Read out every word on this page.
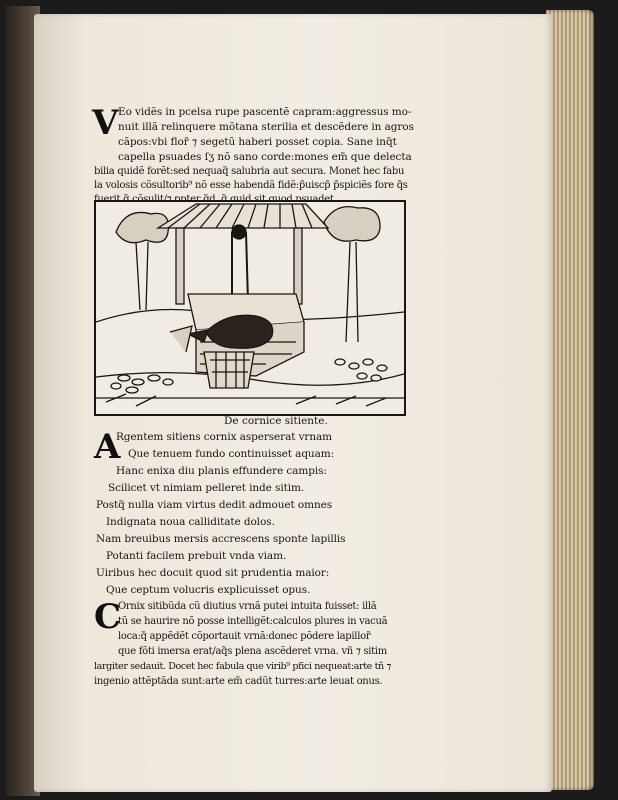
V Eo vidẽs in pcelsa rupe pascentẽ capram:aggressus mo-
nuit illã relinquere mõtana sterilia et descẽdere in agros
cãpos:vbi flor̃ ⁊ segetũ haberi posset copia. Sane inq̃t
capella psuades ſʒ nõ sano corde:mones em̃ que delecta
bilia quidẽ forẽt:sed nequaq̃ salubria aut secura. Monet hec fabu
la volosis cõsultorib⁹ nõ esse habendã fidẽ:p̃uiscp̃ p̃spiciẽs fore q̃s
De cornice sitiente.
A
Rgentem sitiens cornix asperserat vrnam
Que tenuem fundo continuisset aquam:
Hanc enixa diu planis effundere campis:
Scilicet vt nimiam pelleret inde sitim.
Postq̃ nulla viam virtus dedit admouet omnes
Indignata noua calliditate dolos.
Nam breuibus mersis accrescens sponte lapillis
Potanti facilem prebuit vnda viam.
Uiribus hec docuit quod sit prudentia maior:
Que ceptum volucris explicuisset opus.
C
Ornix sitibũda cũ diutius vrnã putei intuita fuisset: illã
tũ se haurire nõ posse intelligẽt:calculos plures in vacuã
loca:q̃ appẽdẽt cõportauit vrnã:donec põdere lapillor̃
que fõti imersa erat/aq̃s plena ascẽderet vrna. vñ ⁊ sitim
largiter sedauit. Docet hec fabula que virib⁹ pfici nequeat:arte tñ ⁊
ingenio attẽptãda sunt:arte em̃ cadũt turres:arte leuat onus.
